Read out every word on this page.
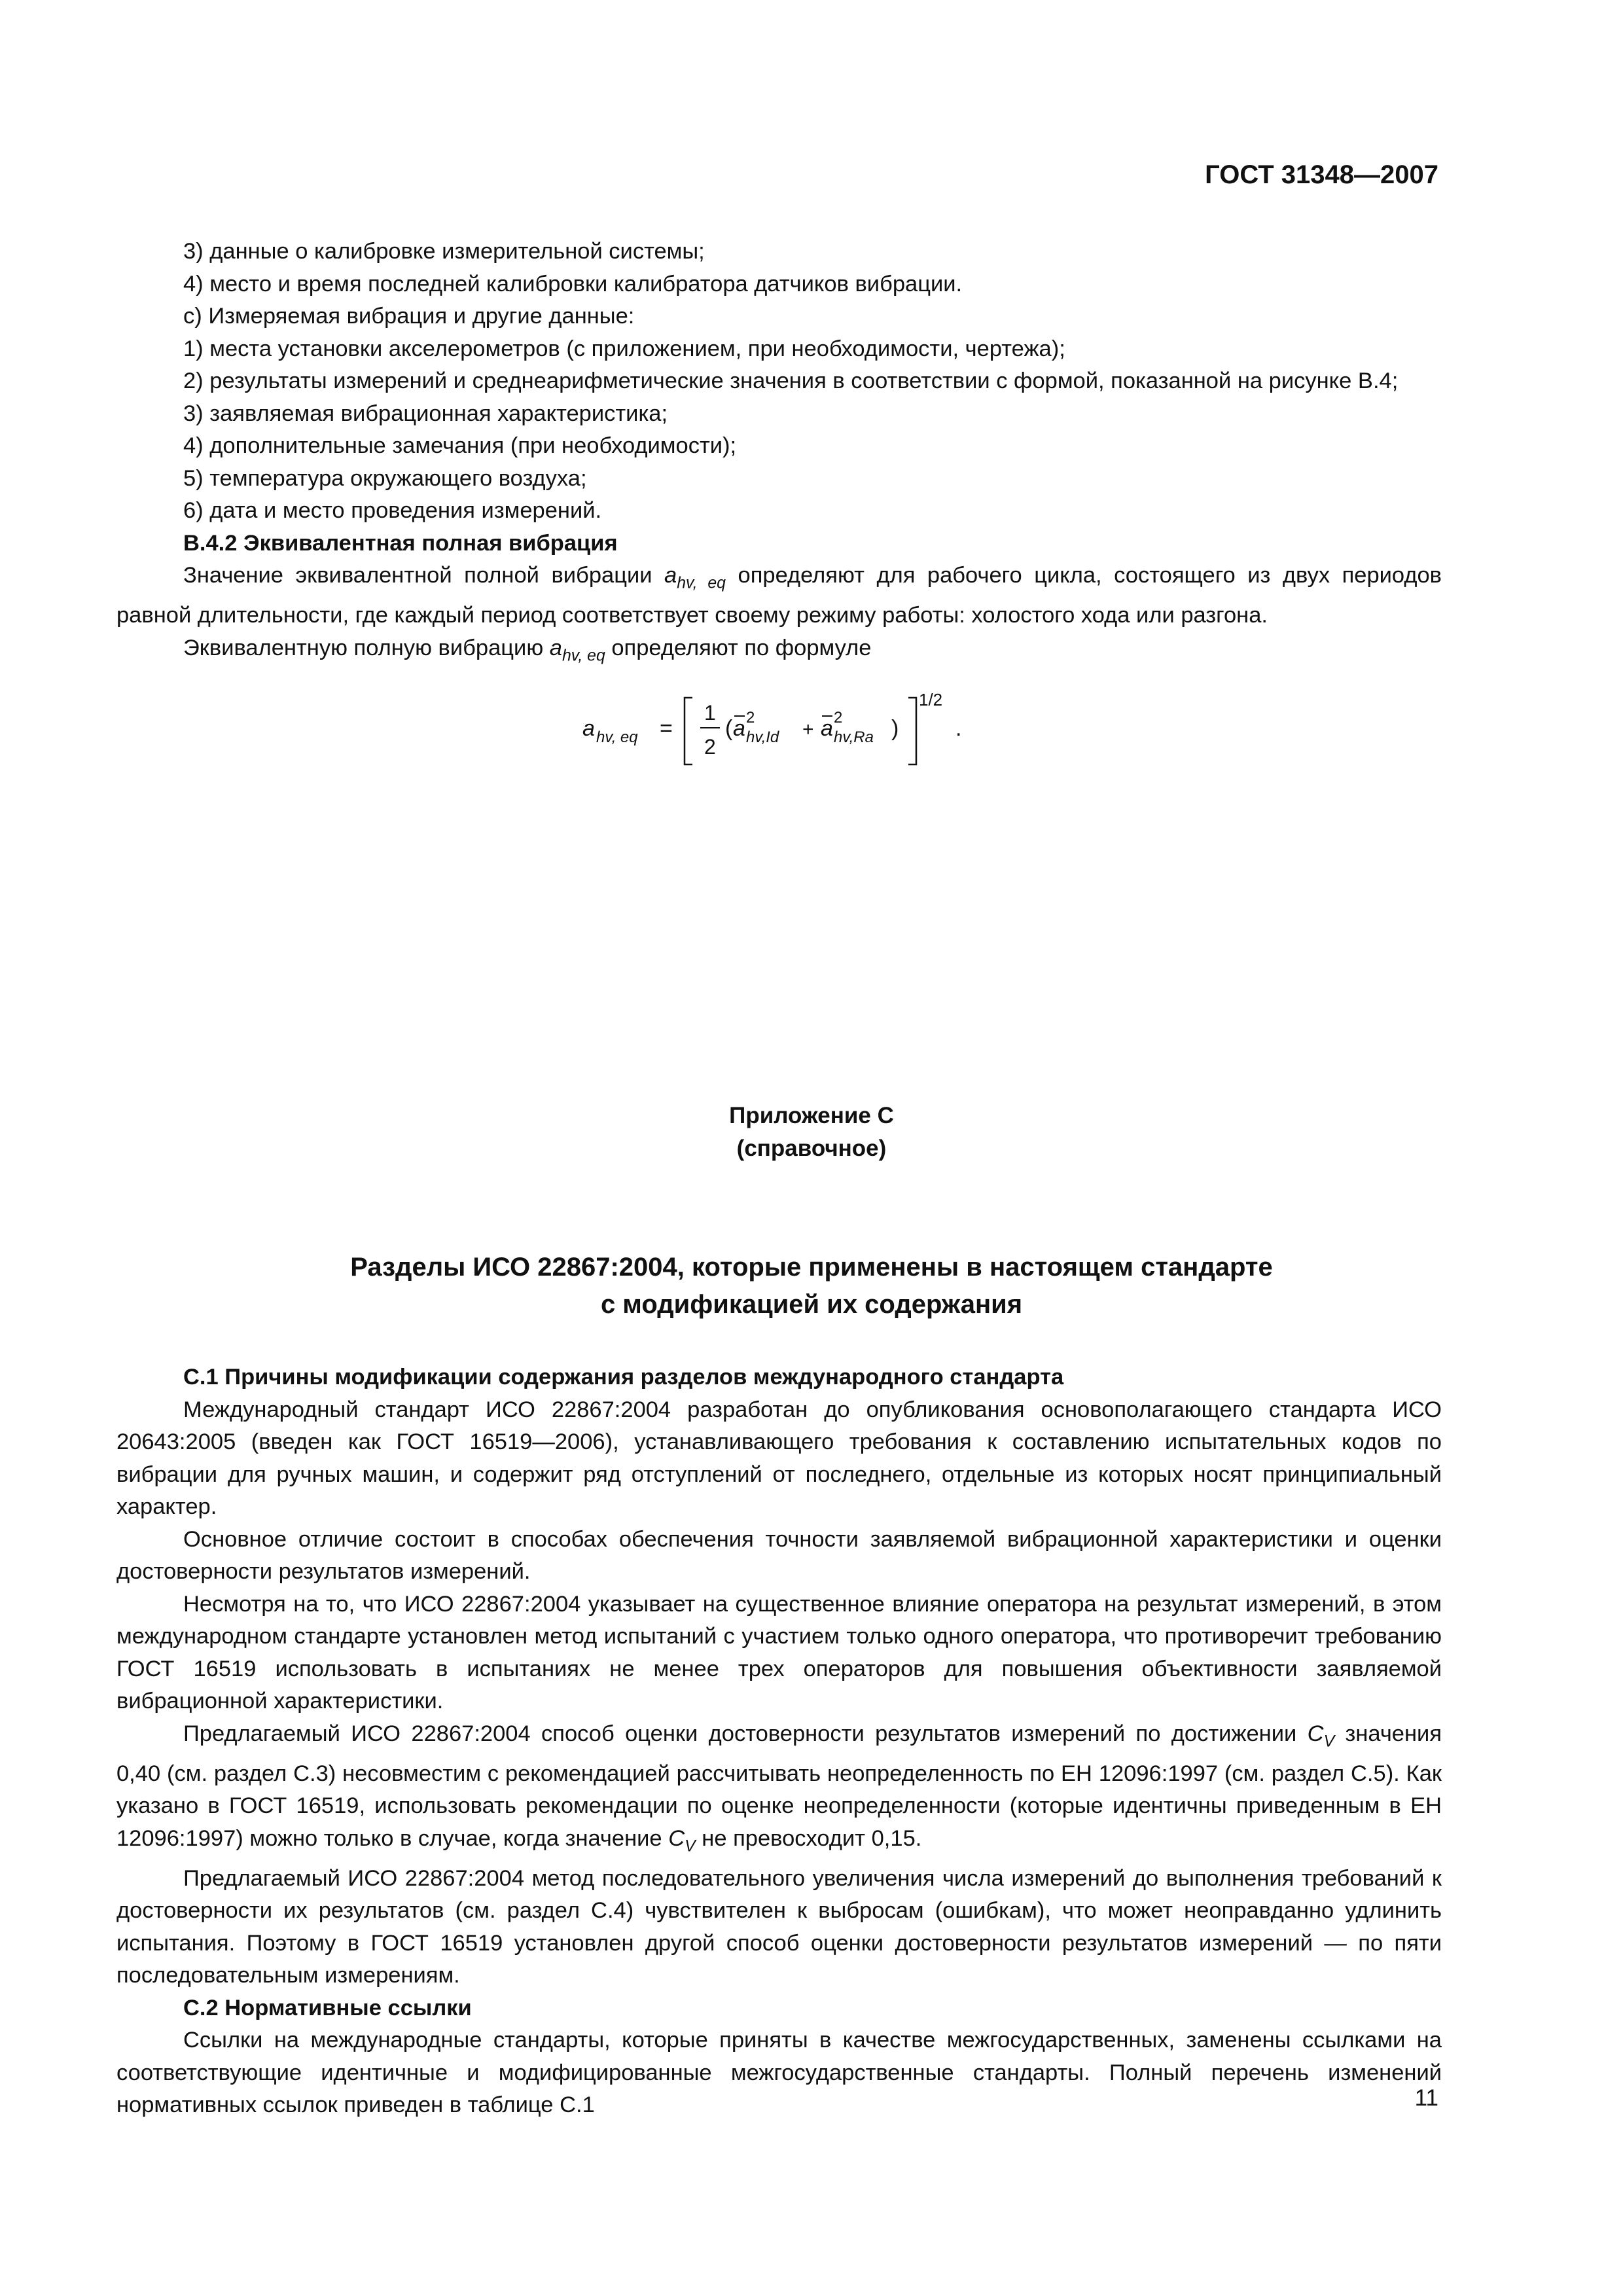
ГОСТ 31348—2007

3) данные о калибровке измерительной системы;

4) место и время последней калибровки калибратора датчиков вибрации.

с) Измеряемая вибрация и другие данные:

1) места установки акселерометров (с приложением, при необходимости, чертежа);

2) результаты измерений и среднеарифметические значения в соответствии с формой, показанной на рисунке В.4;

3) заявляемая вибрационная характеристика;

4) дополнительные замечания (при необходимости);

5) температура окружающего воздуха;

6) дата и место проведения измерений.

В.4.2 Эквивалентная полная вибрация

Значение эквивалентной полной вибрации $a_{hv, eq}$ определяют для рабочего цикла, состоящего из двух периодов равной длительности, где каждый период соответствует своему режиму работы: холостого хода или разгона.

Эквивалентную полную вибрацию $a_{hv, eq}$ определяют по формуле

a hv, eq =
1
2
( a 2
hv,Id + a 2
hv,Ra )
1/2
.
Приложение С
(справочное)
Разделы ИСО 22867:2004, которые применены в настоящем стандарте
с модификацией их содержания

С.1 Причины модификации содержания разделов международного стандарта

Международный стандарт ИСО 22867:2004 разработан до опубликования основополагающего стандарта ИСО 20643:2005 (введен как ГОСТ 16519—2006), устанавливающего требования к составлению испытательных кодов по вибрации для ручных машин, и содержит ряд отступлений от последнего, отдельные из которых носят принципиальный характер.

Основное отличие состоит в способах обеспечения точности заявляемой вибрационной характеристики и оценки достоверности результатов измерений.

Несмотря на то, что ИСО 22867:2004 указывает на существенное влияние оператора на результат измерений, в этом международном стандарте установлен метод испытаний с участием только одного оператора, что противоречит требованию ГОСТ 16519 использовать в испытаниях не менее трех операторов для повышения объективности заявляемой вибрационной характеристики.

Предлагаемый ИСО 22867:2004 способ оценки достоверности результатов измерений по достижении $C_V$ значения 0,40 (см. раздел С.3) несовместим с рекомендацией рассчитывать неопределенность по ЕН 12096:1997 (см. раздел С.5). Как указано в ГОСТ 16519, использовать рекомендации по оценке неопределенности (которые идентичны приведенным в ЕН 12096:1997) можно только в случае, когда значение $C_V$ не превосходит 0,15.

Предлагаемый ИСО 22867:2004 метод последовательного увеличения числа измерений до выполнения требований к достоверности их результатов (см. раздел С.4) чувствителен к выбросам (ошибкам), что может неоправданно удлинить испытания. Поэтому в ГОСТ 16519 установлен другой способ оценки достоверности результатов измерений — по пяти последовательным измерениям.

С.2 Нормативные ссылки

Ссылки на международные стандарты, которые приняты в качестве межгосударственных, заменены ссылками на соответствующие идентичные и модифицированные межгосударственные стандарты. Полный перечень изменений нормативных ссылок приведен в таблице С.1	11
